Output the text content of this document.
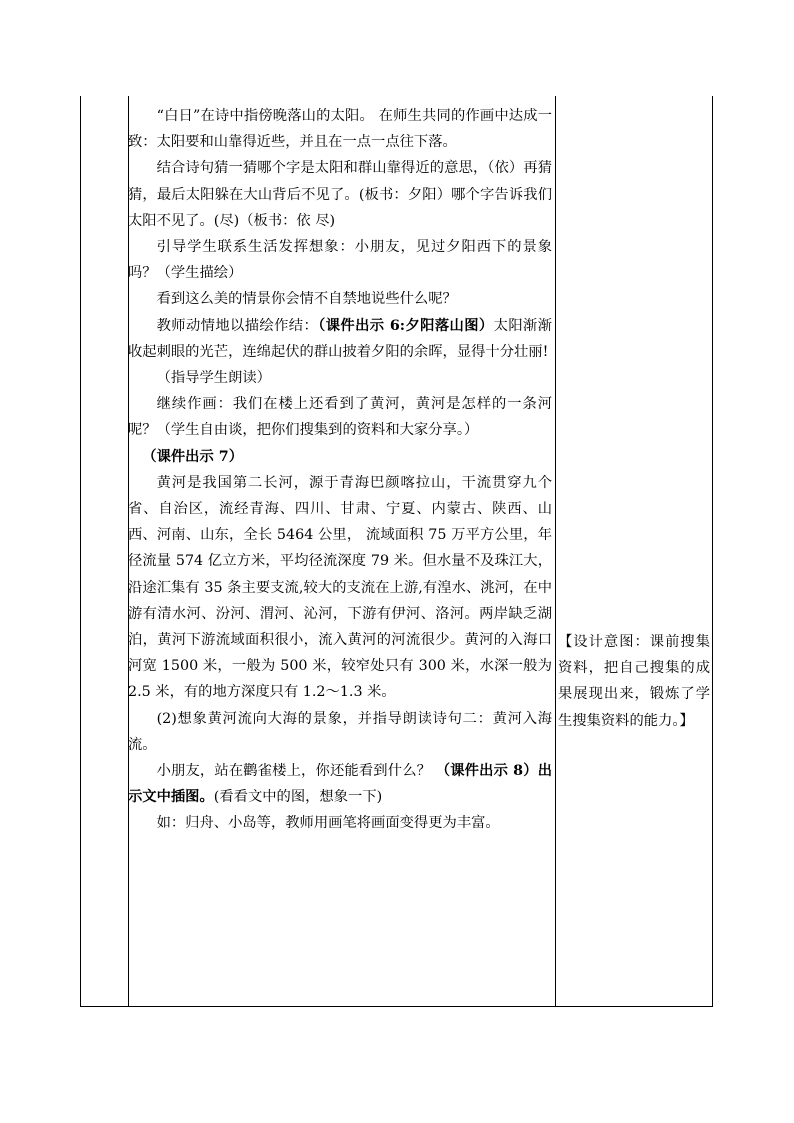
“白日”在诗中指傍晚落山的太阳。 在师生共同的作画中达成一致：太阳要和山靠得近些，并且在一点一点往下落。

结合诗句猜一猜哪个字是太阳和群山靠得近的意思，（依）再猜猜，最后太阳躲在大山背后不见了。(板书：夕阳）哪个字告诉我们太阳不见了。(尽)（板书：依 尽)

引导学生联系生活发挥想象：小朋友，见过夕阳西下的景象吗？（学生描绘）

看到这么美的情景你会情不自禁地说些什么呢？

教师动情地以描绘作结：（课件出示 6:夕阳落山图）太阳渐渐收起刺眼的光芒，连绵起伏的群山披着夕阳的余晖，显得十分壮丽!

（指导学生朗读）

继续作画：我们在楼上还看到了黄河，黄河是怎样的一条河呢？（学生自由谈，把你们搜集到的资料和大家分享。）

（课件出示 7）

黄河是我国第二长河，源于青海巴颜喀拉山，干流贯穿九个省、自治区，流经青海、四川、甘肃、宁夏、内蒙古、陕西、山西、河南、山东，全长 5464 公里， 流域面积 75 万平方公里，年径流量 574 亿立方米，平均径流深度 79 米。但水量不及珠江大，沿途汇集有 35 条主要支流,较大的支流在上游,有湟水、洮河，在中游有清水河、汾河、渭河、沁河，下游有伊河、洛河。两岸缺乏湖泊，黄河下游流域面积很小，流入黄河的河流很少。黄河的入海口河宽 1500 米，一般为 500 米，较窄处只有 300 米，水深一般为 2.5 米，有的地方深度只有 1.2～1.3 米。

(2)想象黄河流向大海的景象，并指导朗读诗句二：黄河入海流。

小朋友，站在鹳雀楼上，你还能看到什么？ （课件出示 8）出示文中插图。(看看文中的图，想象一下)

如：归舟、小岛等，教师用画笔将画面变得更为丰富。

【设计意图：课前搜集资料，把自己搜集的成果展现出来，锻炼了学生搜集资料的能力。】
